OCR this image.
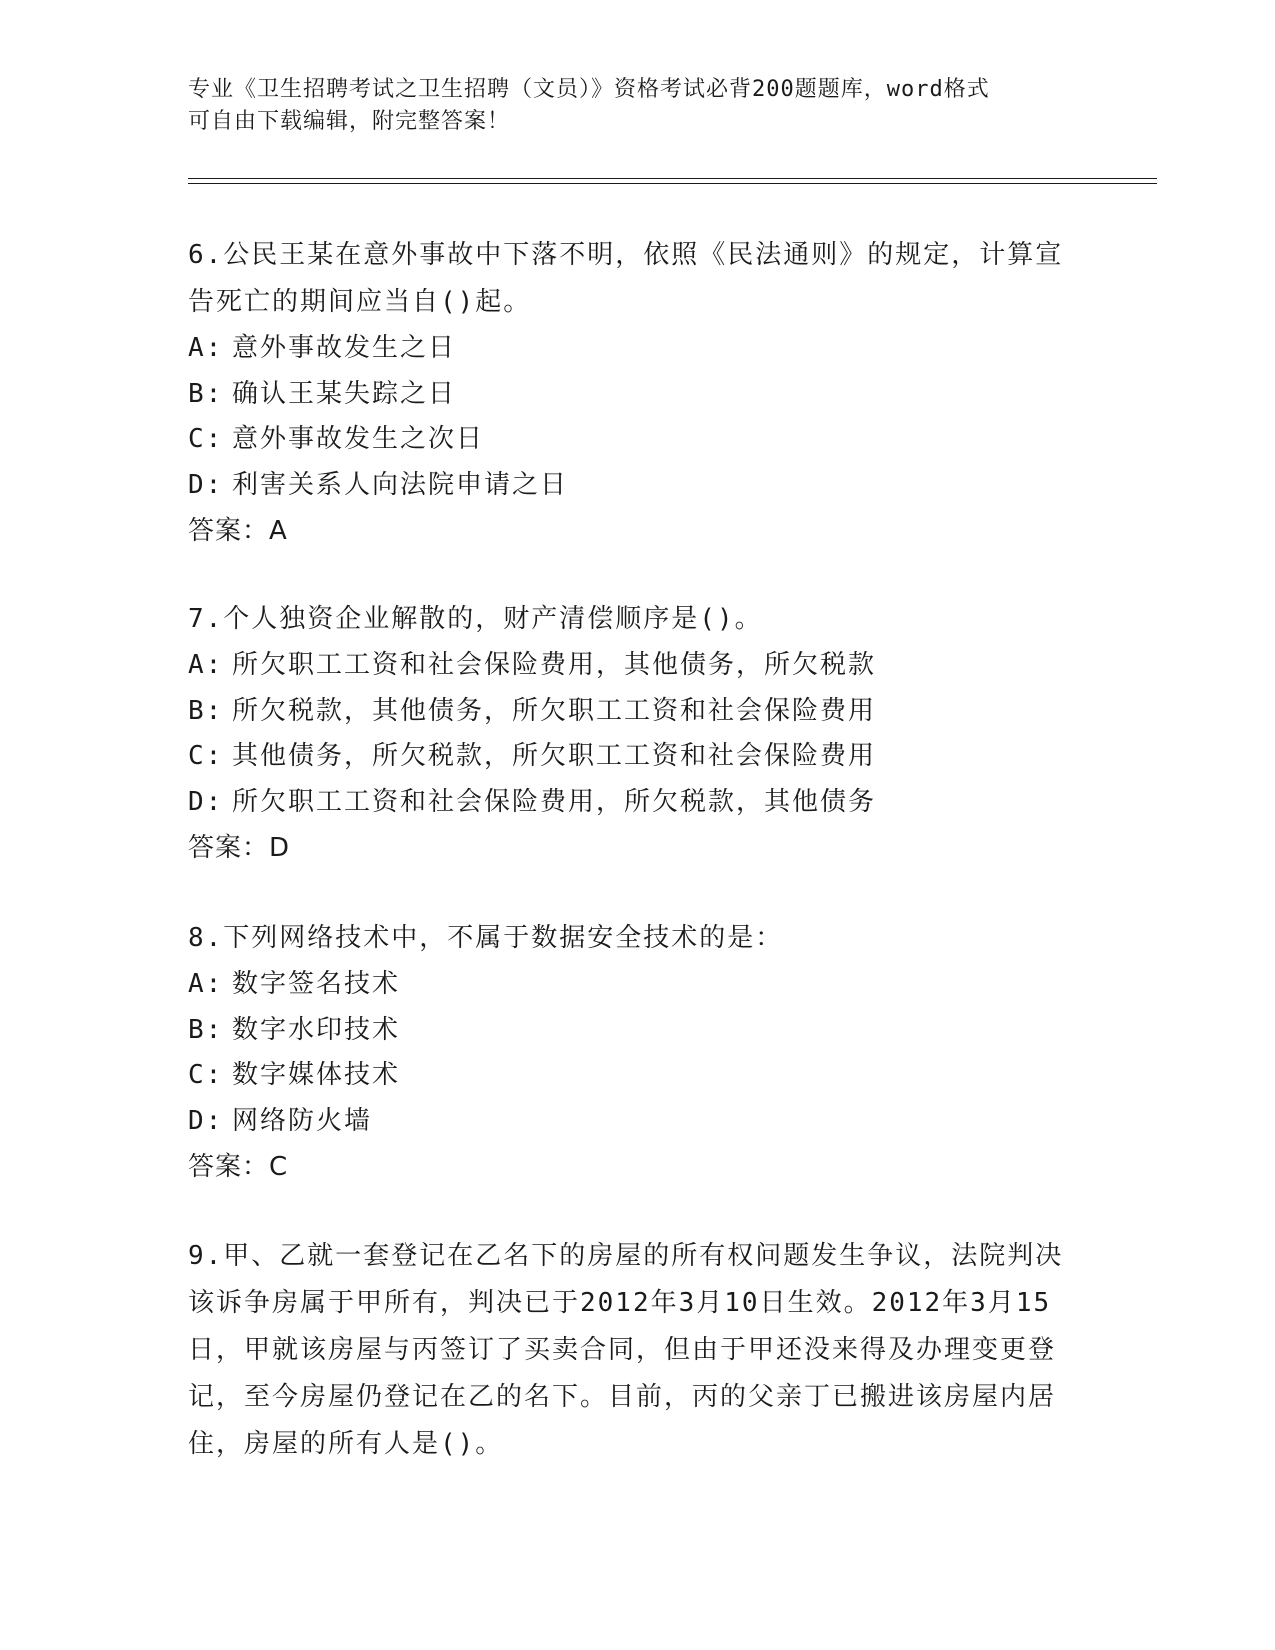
专业《卫生招聘考试之卫生招聘（文员）》资格考试必背200题题库，word格式
可自由下载编辑，附完整答案！
6.公民王某在意外事故中下落不明，依照《民法通则》的规定，计算宣告死亡的期间应当自()起。
A: 意外事故发生之日
B: 确认王某失踪之日
C: 意外事故发生之次日
D: 利害关系人向法院申请之日
答案：A
7.个人独资企业解散的，财产清偿顺序是()。
A: 所欠职工工资和社会保险费用，其他债务，所欠税款
B: 所欠税款，其他债务，所欠职工工资和社会保险费用
C: 其他债务，所欠税款，所欠职工工资和社会保险费用
D: 所欠职工工资和社会保险费用，所欠税款，其他债务
答案：D
8.下列网络技术中，不属于数据安全技术的是：
A: 数字签名技术
B: 数字水印技术
C: 数字媒体技术
D: 网络防火墙
答案：C
9.甲、乙就一套登记在乙名下的房屋的所有权问题发生争议，法院判决该诉争房属于甲所有，判决已于2012年3月10日生效。2012年3月15日，甲就该房屋与丙签订了买卖合同，但由于甲还没来得及办理变更登记，至今房屋仍登记在乙的名下。目前，丙的父亲丁已搬进该房屋内居住，房屋的所有人是()。
